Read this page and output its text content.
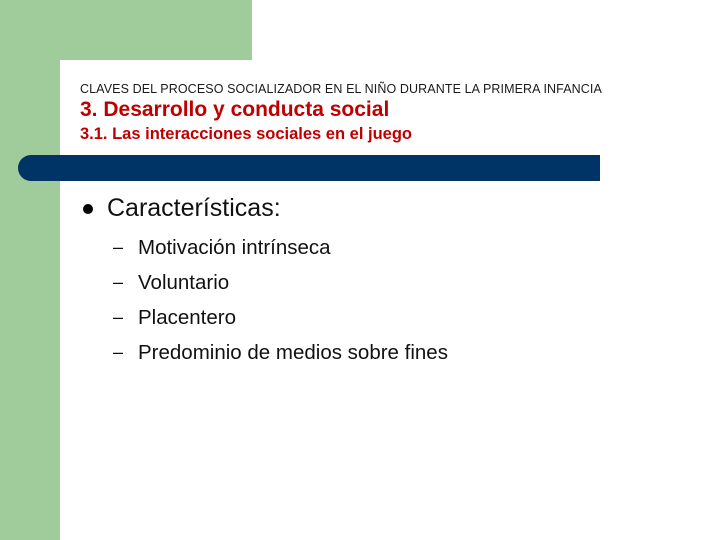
CLAVES DEL PROCESO SOCIALIZADOR EN EL NIÑO DURANTE LA PRIMERA INFANCIA
3. Desarrollo y conducta social
3.1. Las interacciones sociales en el juego
Características:
– Motivación intrínseca
– Voluntario
– Placentero
– Predominio de medios sobre fines
